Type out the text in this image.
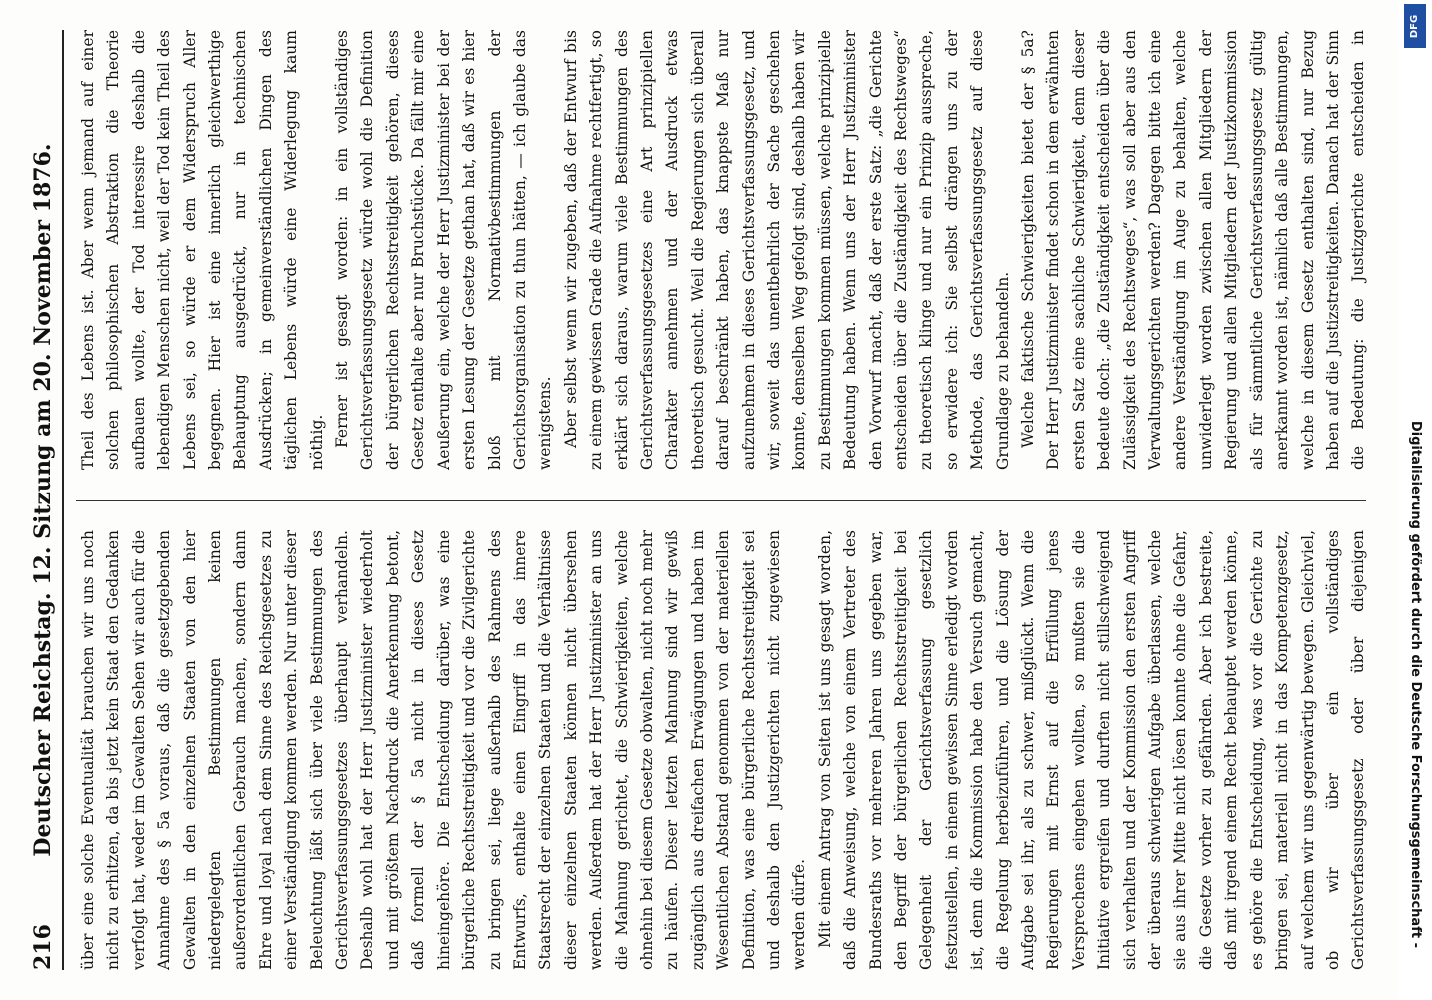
216
Deutscher Reichstag. 12. Sitzung am 20. November 1876. über eine solche Eventualität brauchen wir uns noch nicht zu erhitzen, da bis jetzt kein Staat den Gedanken verfolgt hat, weder im Gewalten Sehen wir auch für die Annahme des § 5a voraus, daß die gesetzgebenden Gewalten in den einzelnen Staaten von den hier niedergelegten Bestimmungen keinen außerordentlichen Gebrauch machen, sondern dann Ehre und loyal nach dem Sinne des Reichsgesetzes zu einer Verständigung kommen werden. Nur unter dieser Beleuchtung läßt sich über viele Bestimmungen des Gerichtsverfassungsgesetzes überhaupt verhandeln. Deshalb wohl hat der Herr Justizminister wiederholt und mit größtem Nachdruck die Anerkennung betont, daß formell der § 5a nicht in dieses Gesetz hineingehöre. Die Entscheidung darüber, was eine bürgerliche Rechtsstreitigkeit und vor die Zivilgerichte zu bringen sei, liege außerhalb des Rahmens des Entwurfs, enthalte einen Eingriff in das innere Staatsrecht der einzelnen Staaten und die Verhältnisse dieser einzelnen Staaten können nicht übersehen werden. Außerdem hat der Herr Justizminister an uns die Mahnung gerichtet, die Schwierigkeiten, welche ohnehin bei diesem Gesetze obwalten, nicht noch mehr zu häufen. Dieser letzten Mahnung sind wir gewiß zugänglich aus dreifachen Erwägungen und haben im Wesentlichen Abstand genommen von der materiellen Definition, was eine bürgerliche Rechtsstreitigkeit sei und deshalb den Justizgerichten nicht zugewiesen werden dürfe. Mit einem Antrag von Seiten ist uns gesagt worden, daß die Anweisung, welche von einem Vertreter des Bundesraths vor mehreren Jahren uns gegeben war, den Begriff der bürgerlichen Rechtsstreitigkeit bei Gelegenheit der Gerichtsverfassung gesetzlich festzustellen, in einem gewissen Sinne erledigt worden ist, denn die Kommission habe den Versuch gemacht, die Regelung herbeizuführen, und die Lösung der Aufgabe sei ihr, als zu schwer, mißglückt. Wenn die Regierungen mit Ernst auf die Erfüllung jenes Versprechens eingehen wollten, so mußten sie die Initiative ergreifen und durften nicht stillschweigend sich verhalten und der Kommission den ersten Angriff der überaus schwierigen Aufgabe überlassen, welche sie aus ihrer Mitte nicht lösen konnte ohne die Gefahr, die Gesetze vorher zu gefährden. Aber ich bestreite, daß mit irgend einem Recht behauptet werden könne, es gehöre die Entscheidung, was vor die Gerichte zu bringen sei, materiell nicht in das Kompetenzgesetz, auf welchem wir uns gegenwärtig bewegen. Gleichviel, ob wir über ein vollständiges Gerichtsverfassungsgesetz oder über diejenigen

Theil des Lebens ist. Aber wenn jemand auf einer solchen philosophischen Abstraktion die Theorie aufbauen wollte, der Tod interessire deshalb die lebendigen Menschen nicht, weil der Tod kein Theil des Lebens sei, so würde er dem Widerspruch Aller begegnen. Hier ist eine innerlich gleichwerthige Behauptung ausgedrückt, nur in technischen Ausdrücken; in gemeinverständlichen Dingen des täglichen Lebens würde eine Widerlegung kaum nöthig. Ferner ist gesagt worden: in ein vollständiges Gerichtsverfassungsgesetz würde wohl die Definition der bürgerlichen Rechtsstreitigkeit gehören, dieses Gesetz enthalte aber nur Bruchstücke. Da fällt mir eine Aeußerung ein, welche der Herr Justizminister bei der ersten Lesung der Gesetze gethan hat, daß wir es hier bloß mit Normativbestimmungen der Gerichtsorganisation zu thun hätten, — ich glaube das wenigstens. Aber selbst wenn wir zugeben, daß der Entwurf bis zu einem gewissen Grade die Aufnahme rechtfertigt, so erklärt sich daraus, warum viele Bestimmungen des Gerichtsverfassungsgesetzes eine Art prinzipiellen Charakter annehmen und der Ausdruck etwas theoretisch gesucht. Weil die Regierungen sich überall darauf beschränkt haben, das knappste Maß nur aufzunehmen in dieses Gerichtsverfassungsgesetz, und wir, soweit das unentbehrlich der Sache geschehen konnte, denselben Weg gefolgt sind, deshalb haben wir zu Bestimmungen kommen müssen, welche prinzipielle Bedeutung haben. Wenn uns der Herr Justizminister den Vorwurf macht, daß der erste Satz: „die Gerichte entscheiden über die Zuständigkeit des Rechtsweges“ zu theoretisch klinge und nur ein Prinzip ausspreche, so erwidere ich: Sie selbst drängen uns zu der Methode, das Gerichtsverfassungsgesetz auf diese Grundlage zu behandeln. Welche faktische Schwierigkeiten bietet der § 5a? Der Herr Justizminister findet schon in dem erwähnten ersten Satz eine sachliche Schwierigkeit, denn dieser bedeute doch: „die Zuständigkeit entscheiden über die Zulässigkeit des Rechtsweges“, was soll aber aus den Verwaltungsgerichten werden? Dagegen bitte ich eine andere Verständigung im Auge zu behalten, welche unwiderlegt worden zwischen allen Mitgliedern der Regierung und allen Mitgliedern der Justizkommission als für sämmtliche Gerichtsverfassungsgesetz gültig anerkannt worden ist, nämlich daß alle Bestimmungen, welche in diesem Gesetz enthalten sind, nur Bezug haben auf die Justizstreitigkeiten. Danach hat der Sinn die Bedeutung: die Justizgerichte entscheiden in	DFG
Digitalisierung gefördert durch die Deutsche Forschungsgemeinschaft -
